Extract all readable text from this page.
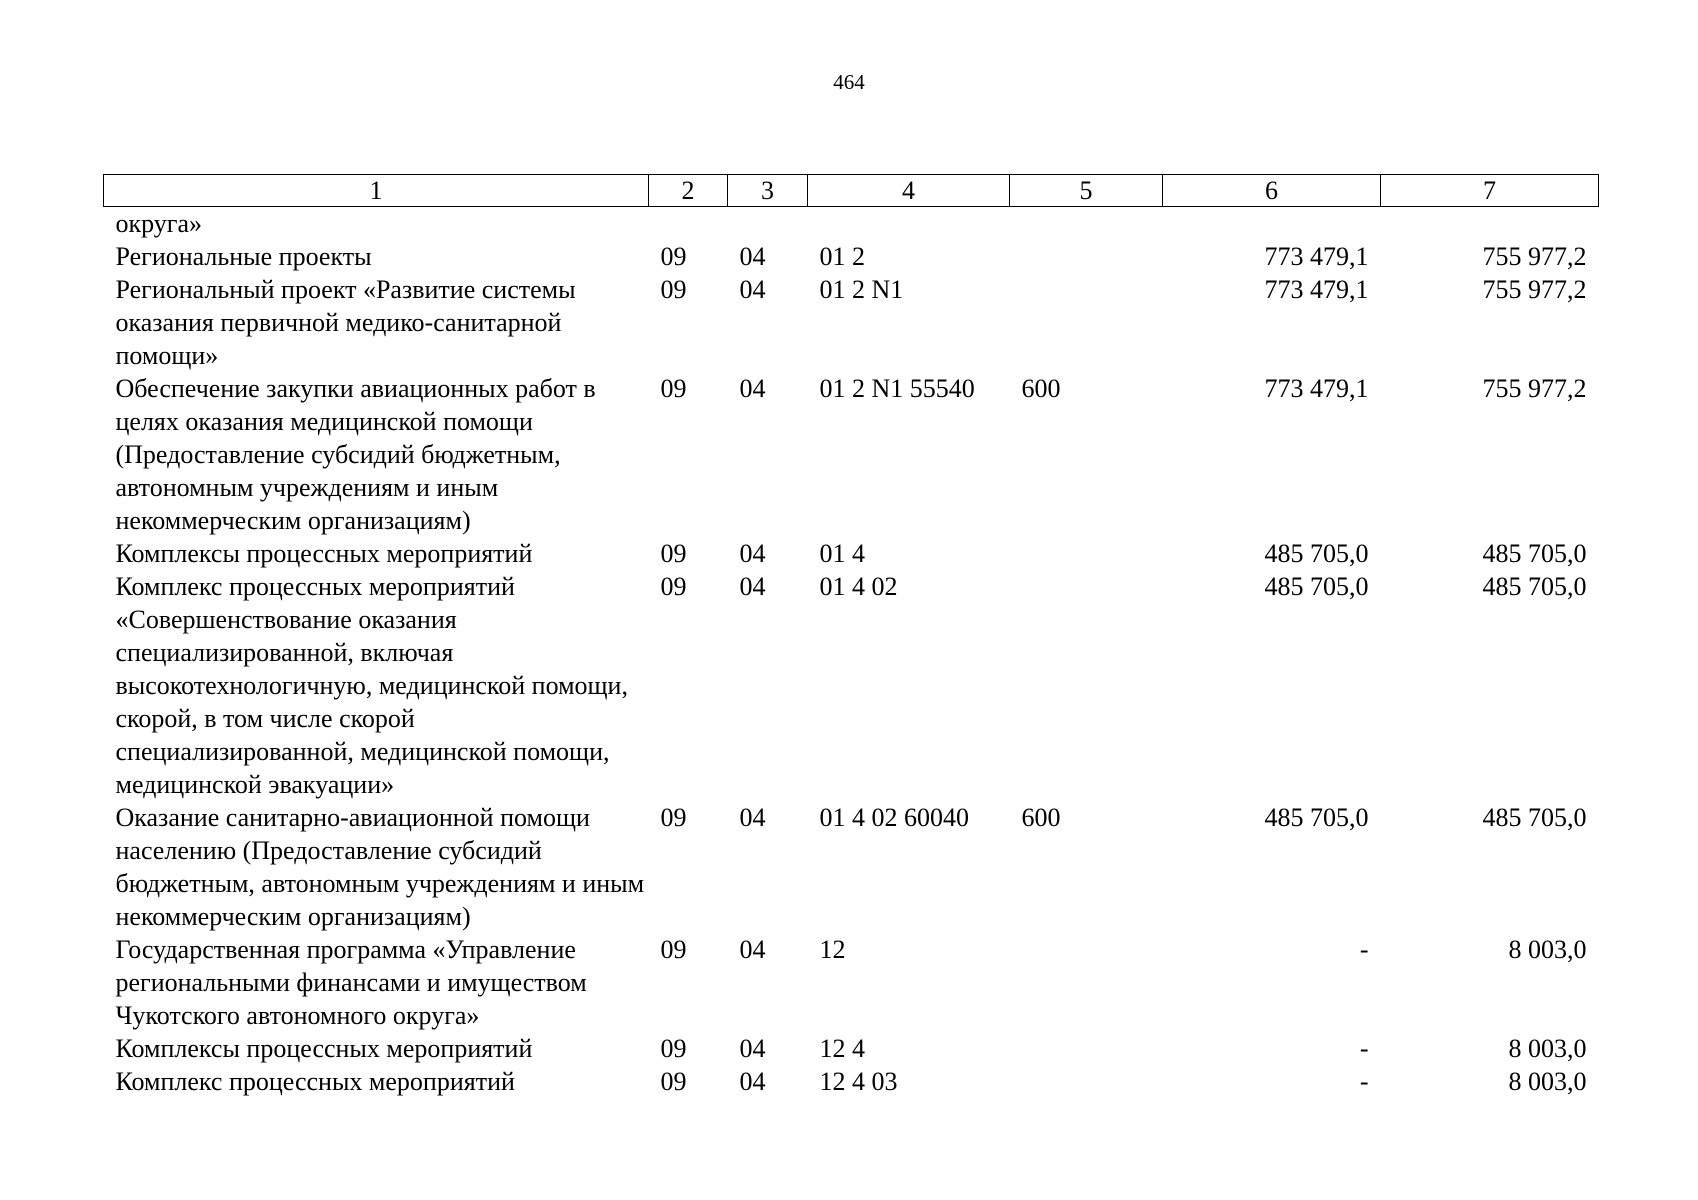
464
1	2	3	4	5	6	7
округа»						
Региональные проекты	09	04	01 2		773 479,1	755 977,2
Региональный проект «Развитие системы оказания первичной медико-санитарной помощи»	09	04	01 2 N1		773 479,1	755 977,2
Обеспечение закупки авиационных работ в целях оказания медицинской помощи (Предоставление субсидий бюджетным, автономным учреждениям и иным некоммерческим организациям)	09	04	01 2 N1 55540	600	773 479,1	755 977,2
Комплексы процессных мероприятий	09	04	01 4		485 705,0	485 705,0
Комплекс процессных мероприятий «Совершенствование оказания специализированной, включая высокотехнологичную, медицинской помощи, скорой, в том числе скорой специализированной, медицинской помощи, медицинской эвакуации»	09	04	01 4 02		485 705,0	485 705,0
Оказание санитарно-авиационной помощи населению (Предоставление субсидий бюджетным, автономным учреждениям и иным некоммерческим организациям)	09	04	01 4 02 60040	600	485 705,0	485 705,0
Государственная программа «Управление региональными финансами и имуществом Чукотского автономного округа»	09	04	12		-	8 003,0
Комплексы процессных мероприятий	09	04	12 4		-	8 003,0
Комплекс процессных мероприятий	09	04	12 4 03		-	8 003,0
